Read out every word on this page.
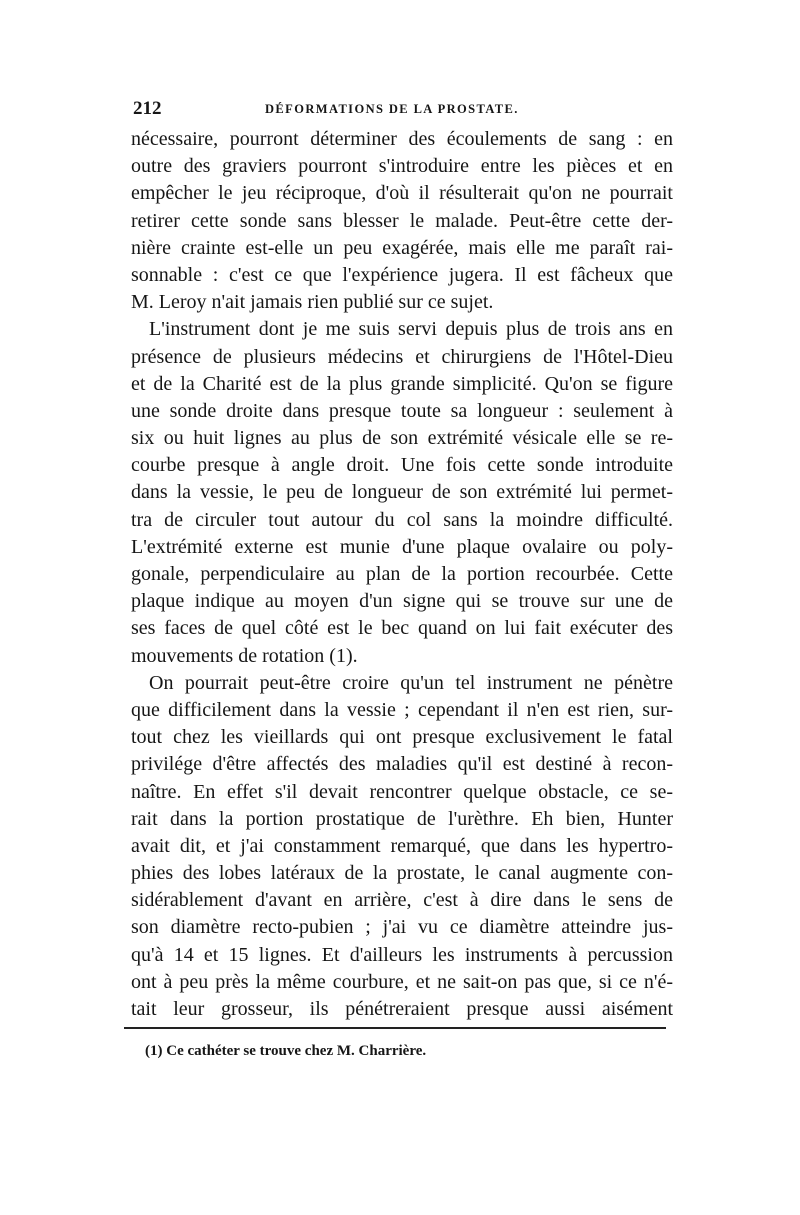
212	DÉFORMATIONS DE LA PROSTATE.
nécessaire, pourront déterminer des écoulements de sang : en
outre des graviers pourront s'introduire entre les pièces et en
empêcher le jeu réciproque, d'où il résulterait qu'on ne pourrait
retirer cette sonde sans blesser le malade. Peut-être cette der-
nière crainte est-elle un peu exagérée, mais elle me paraît rai-
sonnable : c'est ce que l'expérience jugera. Il est fâcheux que
M. Leroy n'ait jamais rien publié sur ce sujet.
L'instrument dont je me suis servi depuis plus de trois ans en
présence de plusieurs médecins et chirurgiens de l'Hôtel-Dieu
et de la Charité est de la plus grande simplicité. Qu'on se figure
une sonde droite dans presque toute sa longueur : seulement à
six ou huit lignes au plus de son extrémité vésicale elle se re-
courbe presque à angle droit. Une fois cette sonde introduite
dans la vessie, le peu de longueur de son extrémité lui permet-
tra de circuler tout autour du col sans la moindre difficulté.
L'extrémité externe est munie d'une plaque ovalaire ou poly-
gonale, perpendiculaire au plan de la portion recourbée. Cette
plaque indique au moyen d'un signe qui se trouve sur une de
ses faces de quel côté est le bec quand on lui fait exécuter des
mouvements de rotation (1).
On pourrait peut-être croire qu'un tel instrument ne pénètre
que difficilement dans la vessie ; cependant il n'en est rien, sur-
tout chez les vieillards qui ont presque exclusivement le fatal
privilége d'être affectés des maladies qu'il est destiné à recon-
naître. En effet s'il devait rencontrer quelque obstacle, ce se-
rait dans la portion prostatique de l'urèthre. Eh bien, Hunter
avait dit, et j'ai constamment remarqué, que dans les hypertro-
phies des lobes latéraux de la prostate, le canal augmente con-
sidérablement d'avant en arrière, c'est à dire dans le sens de
son diamètre recto-pubien ; j'ai vu ce diamètre atteindre jus-
qu'à 14 et 15 lignes. Et d'ailleurs les instruments à percussion
ont à peu près la même courbure, et ne sait-on pas que, si ce n'é-
tait leur grosseur, ils pénétreraient presque aussi aisément
(1) Ce cathéter se trouve chez M. Charrière.
